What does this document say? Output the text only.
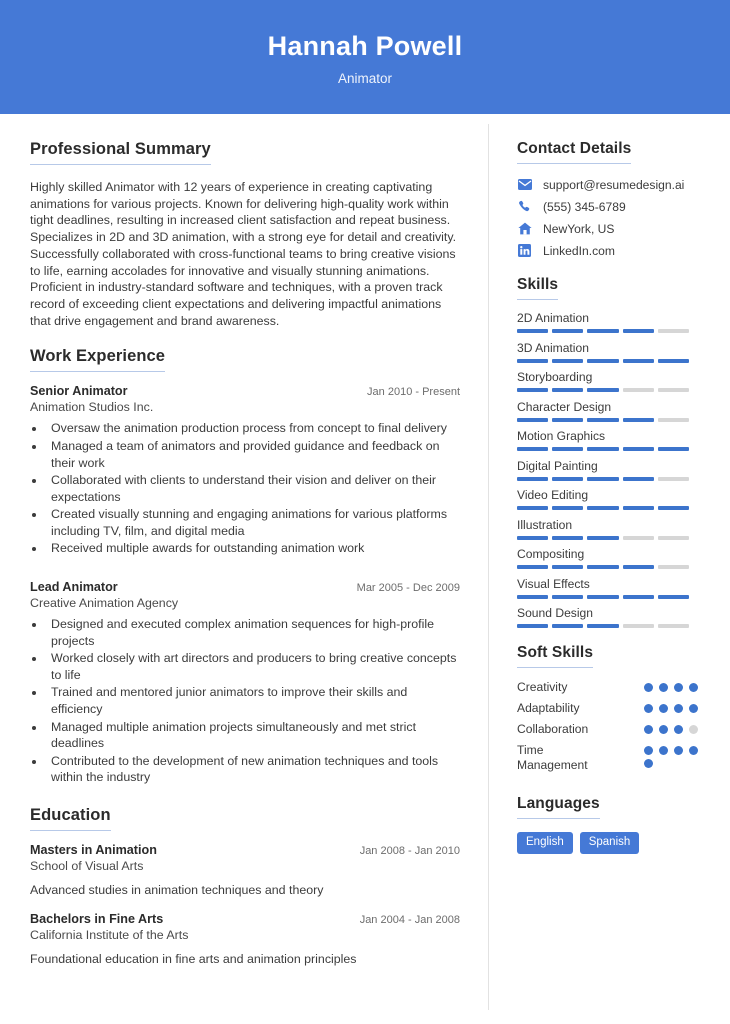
Hannah Powell
Animator
Professional Summary
Highly skilled Animator with 12 years of experience in creating captivating animations for various projects. Known for delivering high-quality work within tight deadlines, resulting in increased client satisfaction and repeat business. Specializes in 2D and 3D animation, with a strong eye for detail and creativity. Successfully collaborated with cross-functional teams to bring creative visions to life, earning accolades for innovative and visually stunning animations. Proficient in industry-standard software and techniques, with a proven track record of exceeding client expectations and delivering impactful animations that drive engagement and brand awareness.
Work Experience
Senior Animator	Jan 2010 - Present
Animation Studios Inc.
• Oversaw the animation production process from concept to final delivery
• Managed a team of animators and provided guidance and feedback on their work
• Collaborated with clients to understand their vision and deliver on their expectations
• Created visually stunning and engaging animations for various platforms including TV, film, and digital media
• Received multiple awards for outstanding animation work
Lead Animator	Mar 2005 - Dec 2009
Creative Animation Agency
• Designed and executed complex animation sequences for high-profile projects
• Worked closely with art directors and producers to bring creative concepts to life
• Trained and mentored junior animators to improve their skills and efficiency
• Managed multiple animation projects simultaneously and met strict deadlines
• Contributed to the development of new animation techniques and tools within the industry
Education
Masters in Animation	Jan 2008 - Jan 2010
School of Visual Arts
Advanced studies in animation techniques and theory
Bachelors in Fine Arts	Jan 2004 - Jan 2008
California Institute of the Arts
Foundational education in fine arts and animation principles
Contact Details
support@resumedesign.ai
(555) 345-6789
NewYork, US
LinkedIn.com
Skills
2D Animation
3D Animation
Storyboarding
Character Design
Motion Graphics
Digital Painting
Video Editing
Illustration
Compositing
Visual Effects
Sound Design
Soft Skills
Creativity
Adaptability
Collaboration
Time Management
Languages
English	Spanish
